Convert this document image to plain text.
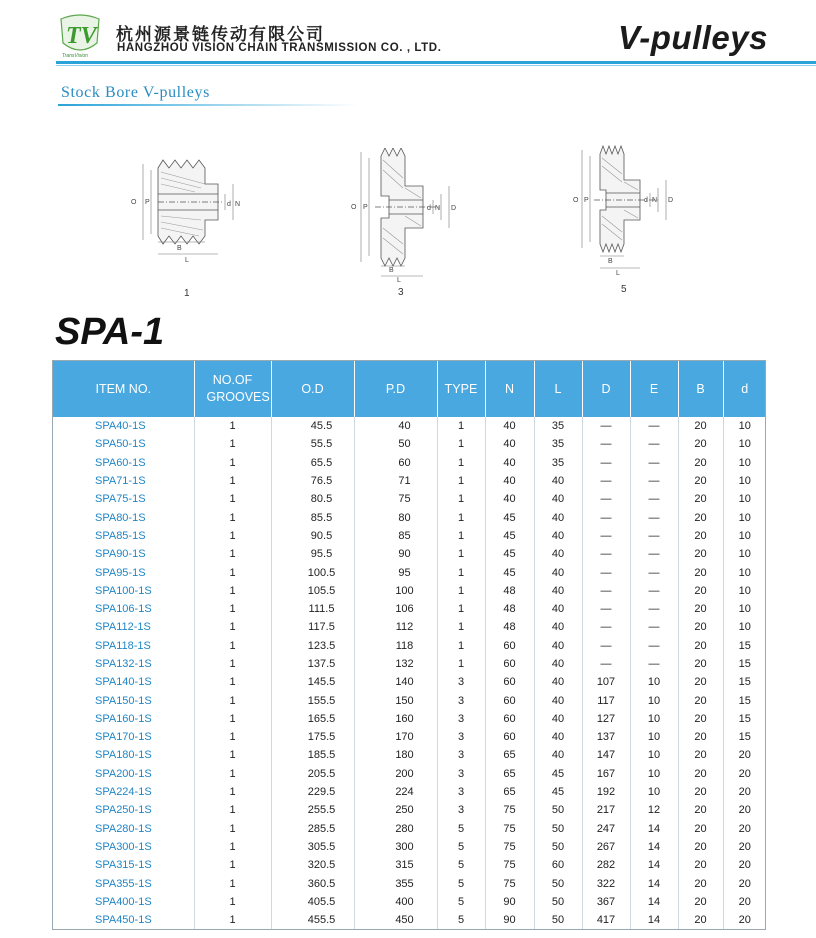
TV
TransVision
杭州源景链传动有限公司
HANGZHOU VISION CHAIN TRANSMISSION CO. , LTD.	V-pulleys
Stock Bore V-pulleys
O P	d N
B
L
1
O P	d N D
B
L
3
O P	d N D
B
L
5
SPA-1
ITEM NO.	NO.OF GROOVES	O.D	P.D	TYPE	N	L	D	E	B	d
SPA40-1S	1	45.5	40	1	40	35	—	—	20	10
SPA50-1S	1	55.5	50	1	40	35	—	—	20	10
SPA60-1S	1	65.5	60	1	40	35	—	—	20	10
SPA71-1S	1	76.5	71	1	40	40	—	—	20	10
SPA75-1S	1	80.5	75	1	40	40	—	—	20	10
SPA80-1S	1	85.5	80	1	45	40	—	—	20	10
SPA85-1S	1	90.5	85	1	45	40	—	—	20	10
SPA90-1S	1	95.5	90	1	45	40	—	—	20	10
SPA95-1S	1	100.5	95	1	45	40	—	—	20	10
SPA100-1S	1	105.5	100	1	48	40	—	—	20	10
SPA106-1S	1	111.5	106	1	48	40	—	—	20	10
SPA112-1S	1	117.5	112	1	48	40	—	—	20	10
SPA118-1S	1	123.5	118	1	60	40	—	—	20	15
SPA132-1S	1	137.5	132	1	60	40	—	—	20	15
SPA140-1S	1	145.5	140	3	60	40	107	10	20	15
SPA150-1S	1	155.5	150	3	60	40	117	10	20	15
SPA160-1S	1	165.5	160	3	60	40	127	10	20	15
SPA170-1S	1	175.5	170	3	60	40	137	10	20	15
SPA180-1S	1	185.5	180	3	65	40	147	10	20	20
SPA200-1S	1	205.5	200	3	65	45	167	10	20	20
SPA224-1S	1	229.5	224	3	65	45	192	10	20	20
SPA250-1S	1	255.5	250	3	75	50	217	12	20	20
SPA280-1S	1	285.5	280	5	75	50	247	14	20	20
SPA300-1S	1	305.5	300	5	75	50	267	14	20	20
SPA315-1S	1	320.5	315	5	75	60	282	14	20	20
SPA355-1S	1	360.5	355	5	75	50	322	14	20	20
SPA400-1S	1	405.5	400	5	90	50	367	14	20	20
SPA450-1S	1	455.5	450	5	90	50	417	14	20	20
